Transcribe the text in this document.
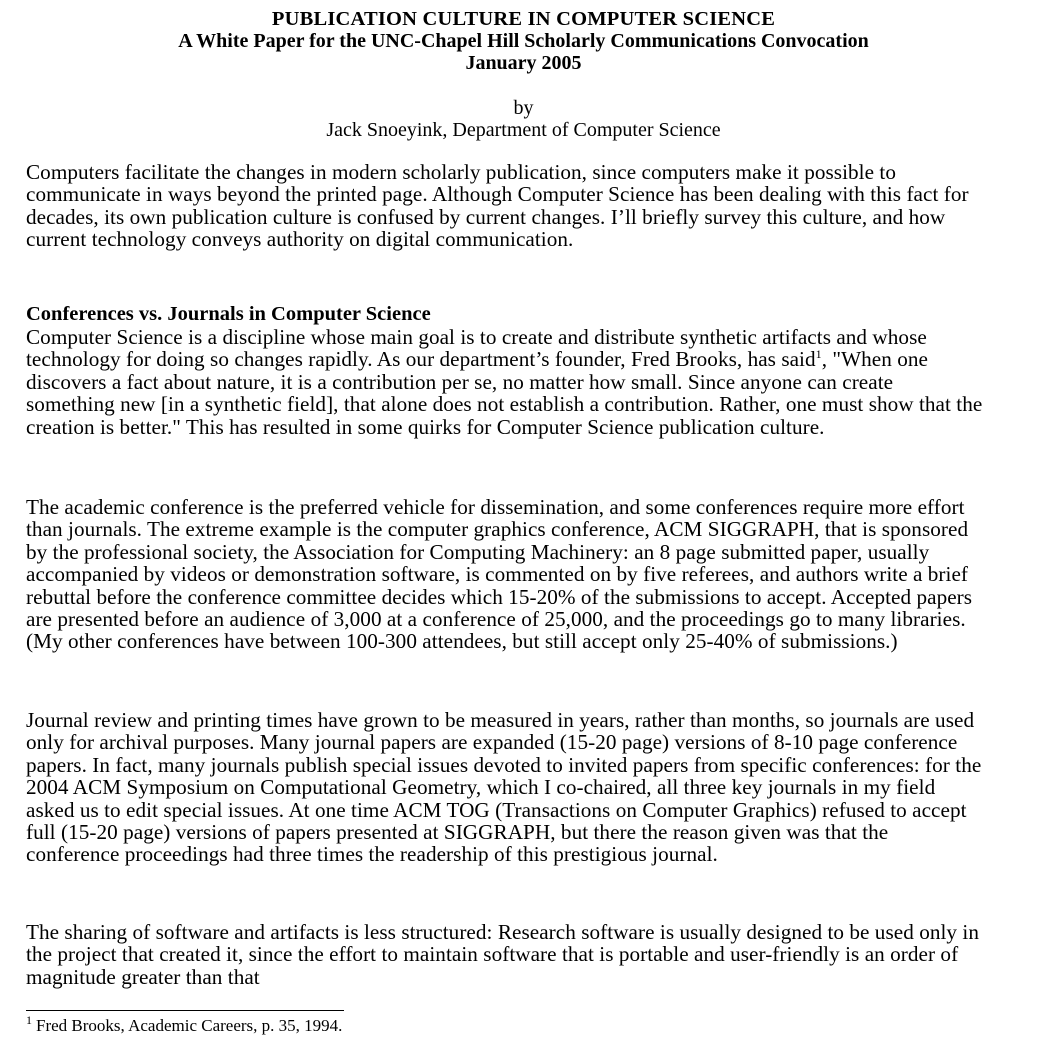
PUBLICATION CULTURE IN COMPUTER SCIENCE
A White Paper for the UNC-Chapel Hill Scholarly Communications Convocation
January 2005
by
Jack Snoeyink, Department of Computer Science
Computers facilitate the changes in modern scholarly publication, since computers make it possible to communicate in ways beyond the printed page. Although Computer Science has been dealing with this fact for decades, its own publication culture is confused by current changes. I’ll briefly survey this culture, and how current technology conveys authority on digital communication.
Conferences vs. Journals in Computer Science
Computer Science is a discipline whose main goal is to create and distribute synthetic artifacts and whose technology for doing so changes rapidly. As our department’s founder, Fred Brooks, has said$^1$, "When one discovers a fact about nature, it is a contribution per se, no matter how small. Since anyone can create something new [in a synthetic field], that alone does not establish a contribution. Rather, one must show that the creation is better." This has resulted in some quirks for Computer Science publication culture.
The academic conference is the preferred vehicle for dissemination, and some conferences require more effort than journals. The extreme example is the computer graphics conference, ACM SIGGRAPH, that is sponsored by the professional society, the Association for Computing Machinery: an 8 page submitted paper, usually accompanied by videos or demonstration software, is commented on by five referees, and authors write a brief rebuttal before the conference committee decides which 15-20% of the submissions to accept. Accepted papers are presented before an audience of 3,000 at a conference of 25,000, and the proceedings go to many libraries. (My other conferences have between 100-300 attendees, but still accept only 25-40% of submissions.)
Journal review and printing times have grown to be measured in years, rather than months, so journals are used only for archival purposes. Many journal papers are expanded (15-20 page) versions of 8-10 page conference papers. In fact, many journals publish special issues devoted to invited papers from specific conferences: for the 2004 ACM Symposium on Computational Geometry, which I co-chaired, all three key journals in my field asked us to edit special issues. At one time ACM TOG (Transactions on Computer Graphics) refused to accept full (15-20 page) versions of papers presented at SIGGRAPH, but there the reason given was that the conference proceedings had three times the readership of this prestigious journal.
The sharing of software and artifacts is less structured: Research software is usually designed to be used only in the project that created it, since the effort to maintain software that is portable and user-friendly is an order of magnitude greater than that
$^1$ Fred Brooks, Academic Careers, p. 35, 1994.
